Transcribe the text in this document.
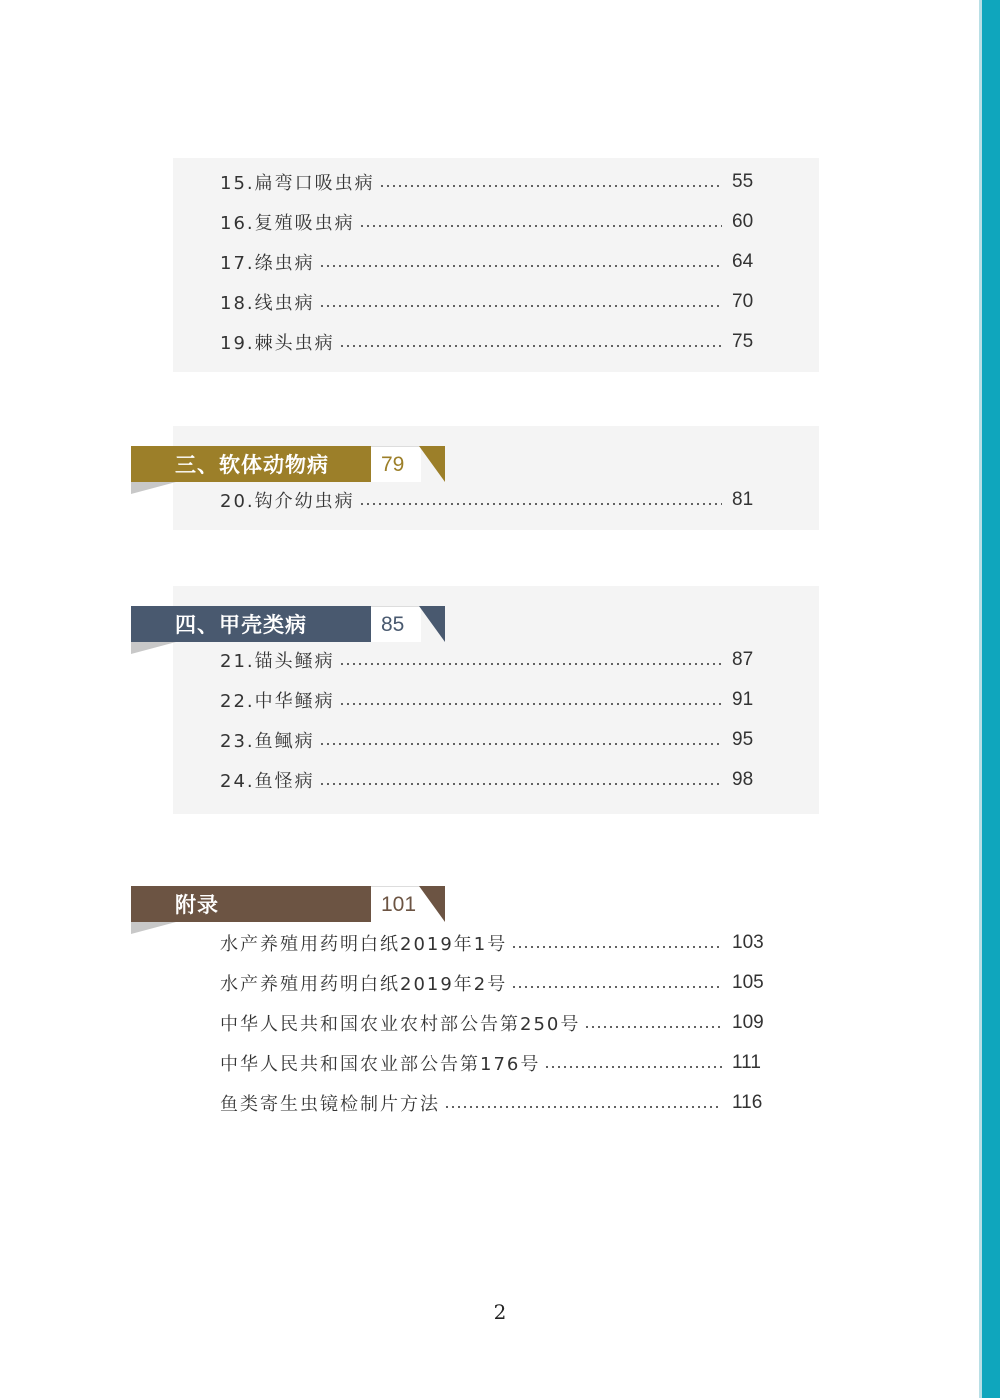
15.扁弯口吸虫病	55
16.复殖吸虫病	60
17.绦虫病	64
18.线虫病	70
19.棘头虫病	75
三、软体动物病	79
20.钩介幼虫病	81
四、甲壳类病	85
21.锚头鳋病	87
22.中华鳋病	91
23.鱼鲺病	95
24.鱼怪病	98
附录	101
水产养殖用药明白纸2019年1号	103
水产养殖用药明白纸2019年2号	105
中华人民共和国农业农村部公告第250号	109
中华人民共和国农业部公告第176号	111
鱼类寄生虫镜检制片方法	116
2
